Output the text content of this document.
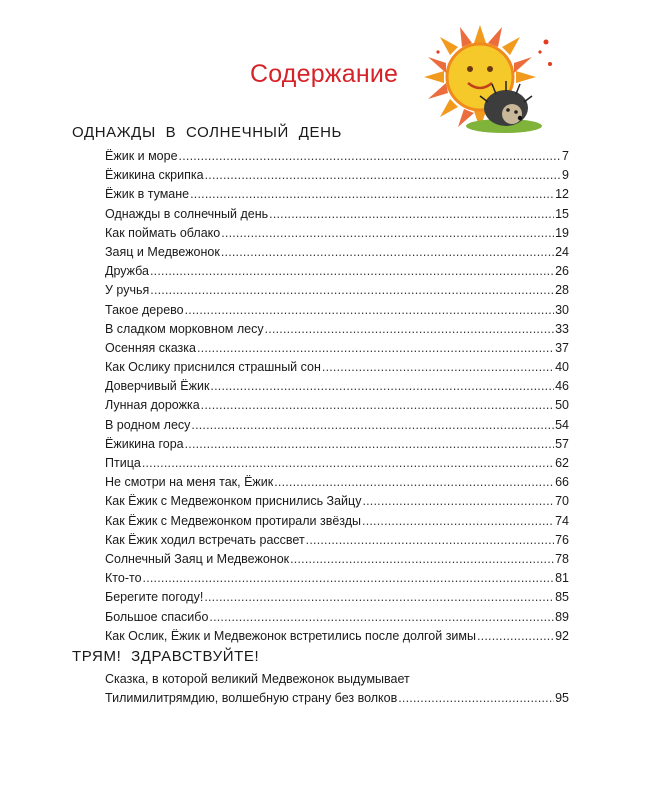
Содержание
ОДНАЖДЫ В СОЛНЕЧНЫЙ ДЕНЬ
Ёжик и море .....	7
Ёжикина скрипка .....	9
Ёжик в тумане .....	12
Однажды в солнечный день .....	15
Как поймать облако .....	19
Заяц и Медвежонок .....	24
Дружба .....	26
У ручья .....	28
Такое дерево .....	30
В сладком морковном лесу .....	33
Осенняя сказка .....	37
Как Ослику приснился страшный сон .....	40
Доверчивый Ёжик .....	46
Лунная дорожка .....	50
В родном лесу .....	54
Ёжикина гора .....	57
Птица .....	62
Не смотри на меня так, Ёжик .....	66
Как Ёжик с Медвежонком приснились Зайцу .....	70
Как Ёжик с Медвежонком протирали звёзды .....	74
Как Ёжик ходил встречать рассвет .....	76
Солнечный Заяц и Медвежонок .....	78
Кто-то .....	81
Берегите погоду! .....	85
Большое спасибо .....	89
Как Ослик, Ёжик и Медвежонок встретились после долгой зимы .....	92
ТРЯМ! ЗДРАВСТВУЙТЕ!
Сказка, в которой великий Медвежонок выдумывает
Тилимилитрямдию, волшебную страну без волков .....	95
